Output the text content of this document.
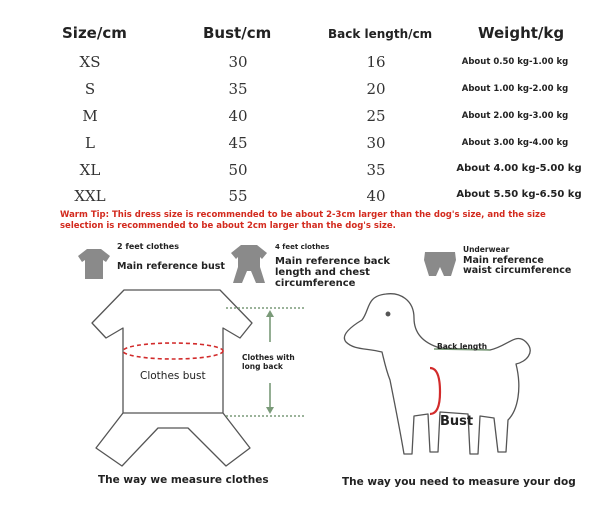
Size/cm	Bust/cm	Back length/cm	Weight/kg
XS	30	16	About 0.50 kg-1.00 kg
S	35	20	About 1.00 kg-2.00 kg
M	40	25	About 2.00 kg-3.00 kg
L	45	30	About 3.00 kg-4.00 kg
XL	50	35	About 4.00 kg-5.00 kg
XXL	55	40	About 5.50 kg-6.50 kg
Warm Tip: This dress size is recommended to be about 2-3cm larger than the dog's size, and the size selection is recommended to be about 2cm larger than the dog's size.
2 feet clothes
Main reference bust
4 feet clothes
Main reference back length and chest circumference
Underwear
Main reference waist circumference
Clothes bust
Clothes with long back
The way we measure clothes
Back length
Bust
The way you need to measure your dog
